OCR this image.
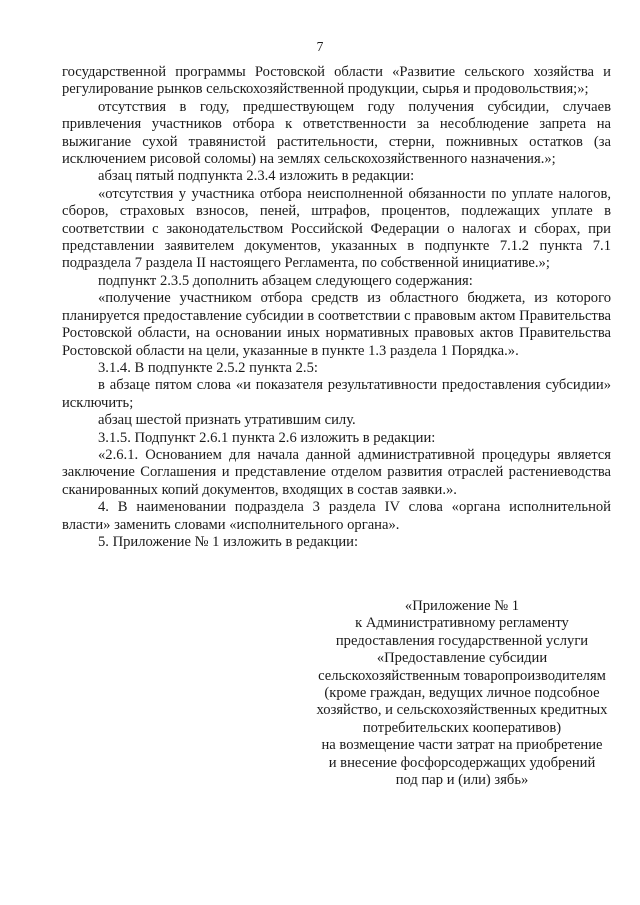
7

государственной программы Ростовской области «Развитие сельского хозяйства и регулирование рынков сельскохозяйственной продукции, сырья и продовольствия;»;

отсутствия в году, предшествующем году получения субсидии, случаев привлечения участников отбора к ответственности за несоблюдение запрета на выжигание сухой травянистой растительности, стерни, пожнивных остатков (за исключением рисовой соломы) на землях сельскохозяйственного назначения.»;

абзац пятый подпункта 2.3.4 изложить в редакции:

«отсутствия у участника отбора неисполненной обязанности по уплате налогов, сборов, страховых взносов, пеней, штрафов, процентов, подлежащих уплате в соответствии с законодательством Российской Федерации о налогах и сборах, при представлении заявителем документов, указанных в подпункте 7.1.2 пункта 7.1 подраздела 7 раздела II настоящего Регламента, по собственной инициативе.»;

подпункт 2.3.5 дополнить абзацем следующего содержания:

«получение участником отбора средств из областного бюджета, из которого планируется предоставление субсидии в соответствии с правовым актом Правительства Ростовской области, на основании иных нормативных правовых актов Правительства Ростовской области на цели, указанные в пункте 1.3 раздела 1 Порядка.».

3.1.4. В подпункте 2.5.2 пункта 2.5:

в абзаце пятом слова «и показателя результативности предоставления субсидии» исключить;

абзац шестой признать утратившим силу.

3.1.5. Подпункт 2.6.1 пункта 2.6 изложить в редакции:

«2.6.1. Основанием для начала данной административной процедуры является заключение Соглашения и представление отделом развития отраслей растениеводства сканированных копий документов, входящих в состав заявки.».

4. В наименовании подраздела 3 раздела IV слова «органа исполнительной власти» заменить словами «исполнительного органа».

5. Приложение № 1 изложить в редакции:

«Приложение № 1
к Административному регламенту
предоставления государственной услуги
«Предоставление субсидии
сельскохозяйственным товаропроизводителям
(кроме граждан, ведущих личное подсобное
хозяйство, и сельскохозяйственных кредитных
потребительских кооперативов)
на возмещение части затрат на приобретение
и внесение фосфорсодержащих удобрений
под пар и (или) зябь»
